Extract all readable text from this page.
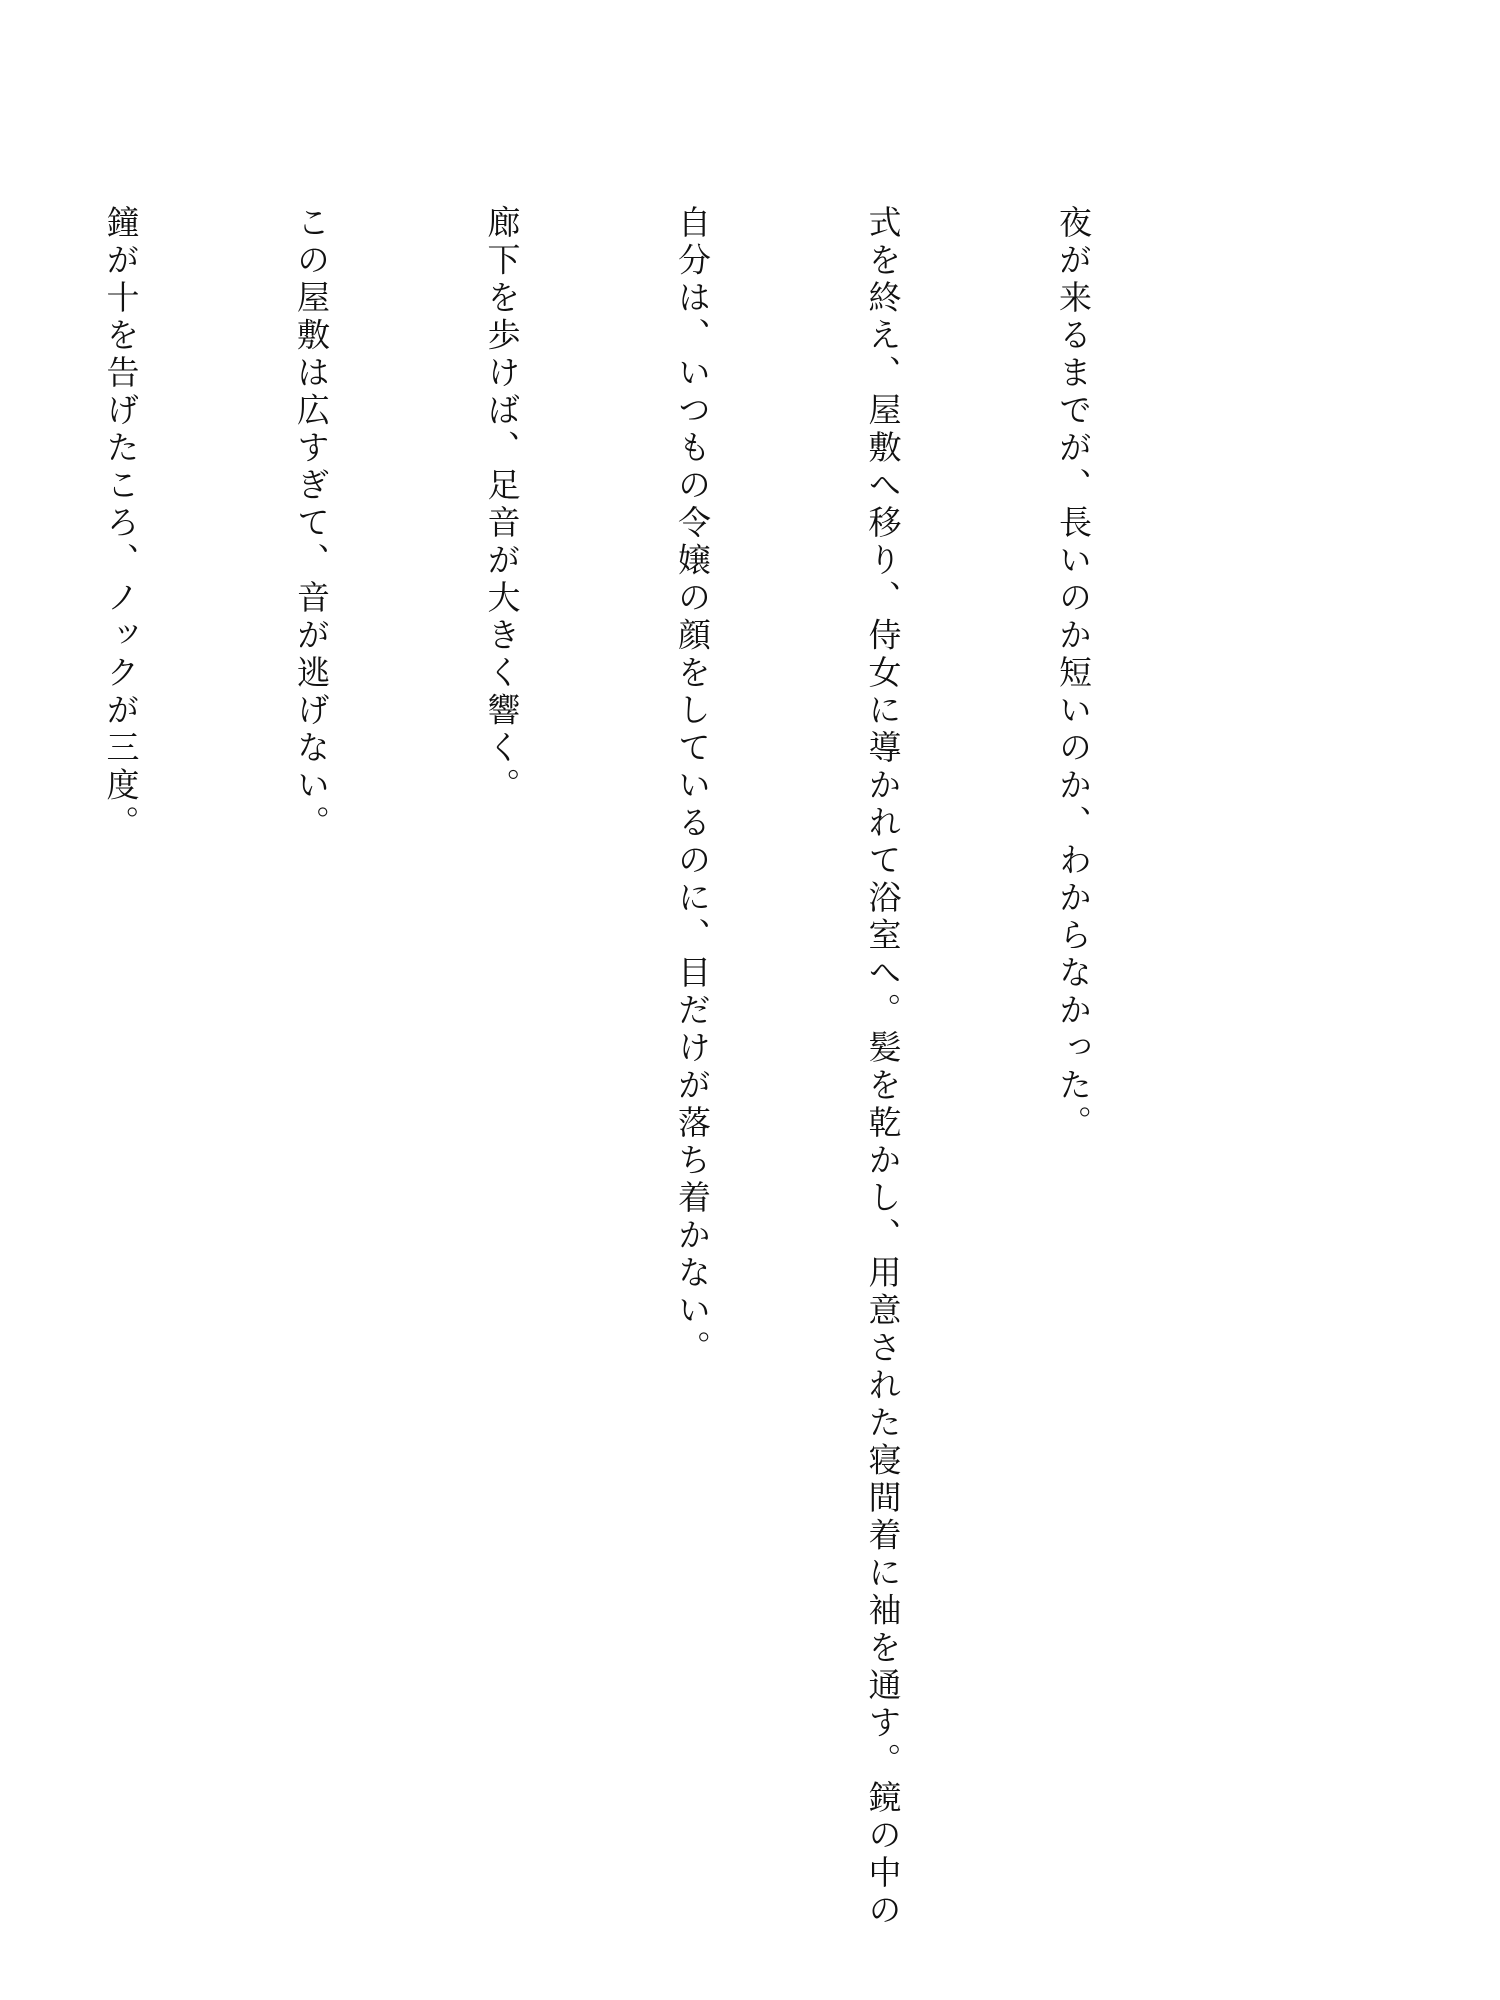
夜が来るまでが、長いのか短いのか、わからなかった。

式を終え、屋敷へ移り、侍女に導かれて浴室へ。髪を乾かし、用意された寝間着に袖を通す。鏡の中の

自分は、いつもの令嬢の顔をしているのに、目だけが落ち着かない。

廊下を歩けば、足音が大きく響く。

この屋敷は広すぎて、音が逃げない。

鐘が十を告げたころ、ノックが三度。
